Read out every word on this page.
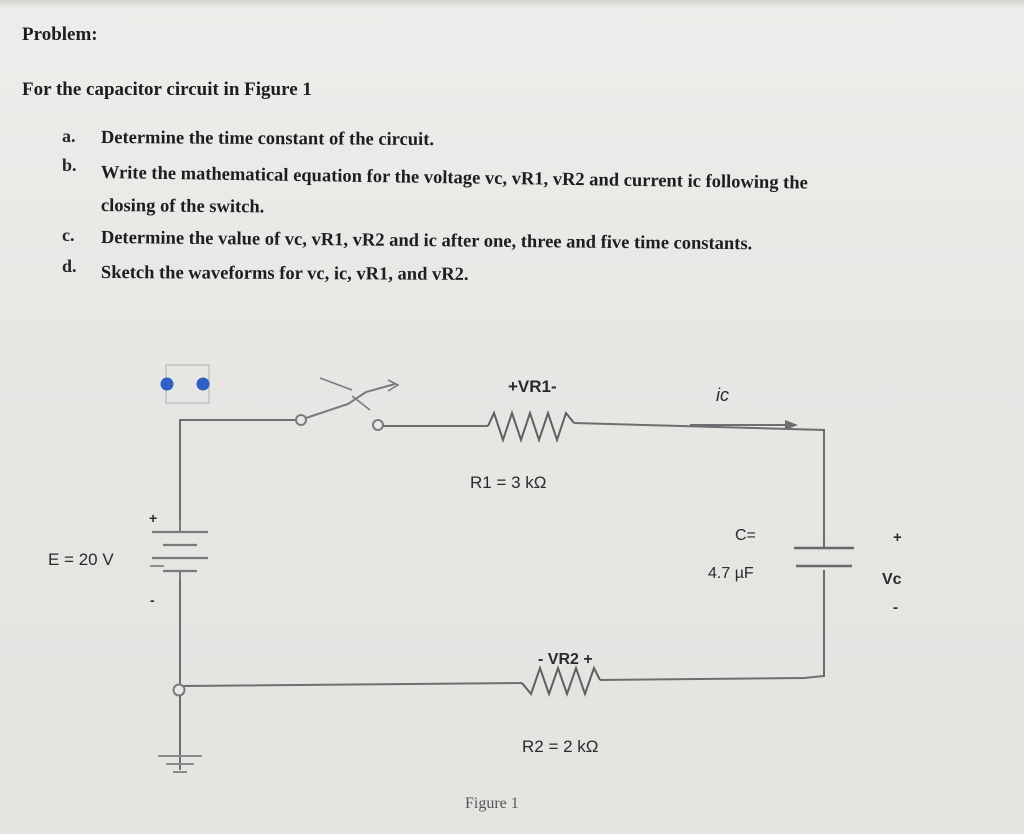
Problem:
For the capacitor circuit in Figure 1
a. Determine the time constant of the circuit.
b. Write the mathematical equation for the voltage vc, vR1, vR2 and current ic following the
closing of the switch.
c. Determine the value of vc, vR1, vR2 and ic after one, three and five time constants.
d. Sketch the waveforms for vc, ic, vR1, and vR2.
+VR1-
R1 = 3 kΩ
ic
C=
4.7 µF
+
Vc
-
E = 20 V
+
-
- VR2 +
R2 = 2 kΩ
Figure 1
